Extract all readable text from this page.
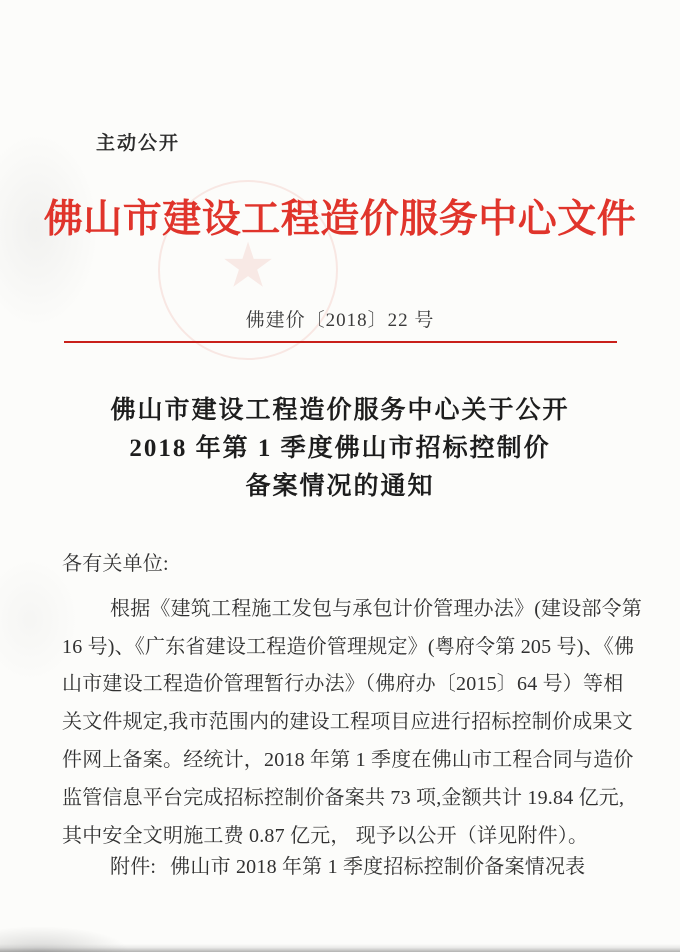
主动公开
★
佛山市建设工程造价服务中心文件
佛建价〔2018〕22 号
佛山市建设工程造价服务中心关于公开
2018 年第 1 季度佛山市招标控制价
备案情况的通知
各有关单位:
根据《建筑工程施工发包与承包计价管理办法》(建设部令第
16 号)、《广东省建设工程造价管理规定》(粤府令第 205 号)、《佛
山市建设工程造价管理暂行办法》（佛府办〔2015〕64 号）等相
关文件规定,我市范围内的建设工程项目应进行招标控制价成果文
件网上备案。经统计，2018 年第 1 季度在佛山市工程合同与造价
监管信息平台完成招标控制价备案共 73 项,金额共计 19.84 亿元,
其中安全文明施工费 0.87 亿元， 现予以公开（详见附件）。
附件: 佛山市 2018 年第 1 季度招标控制价备案情况表
